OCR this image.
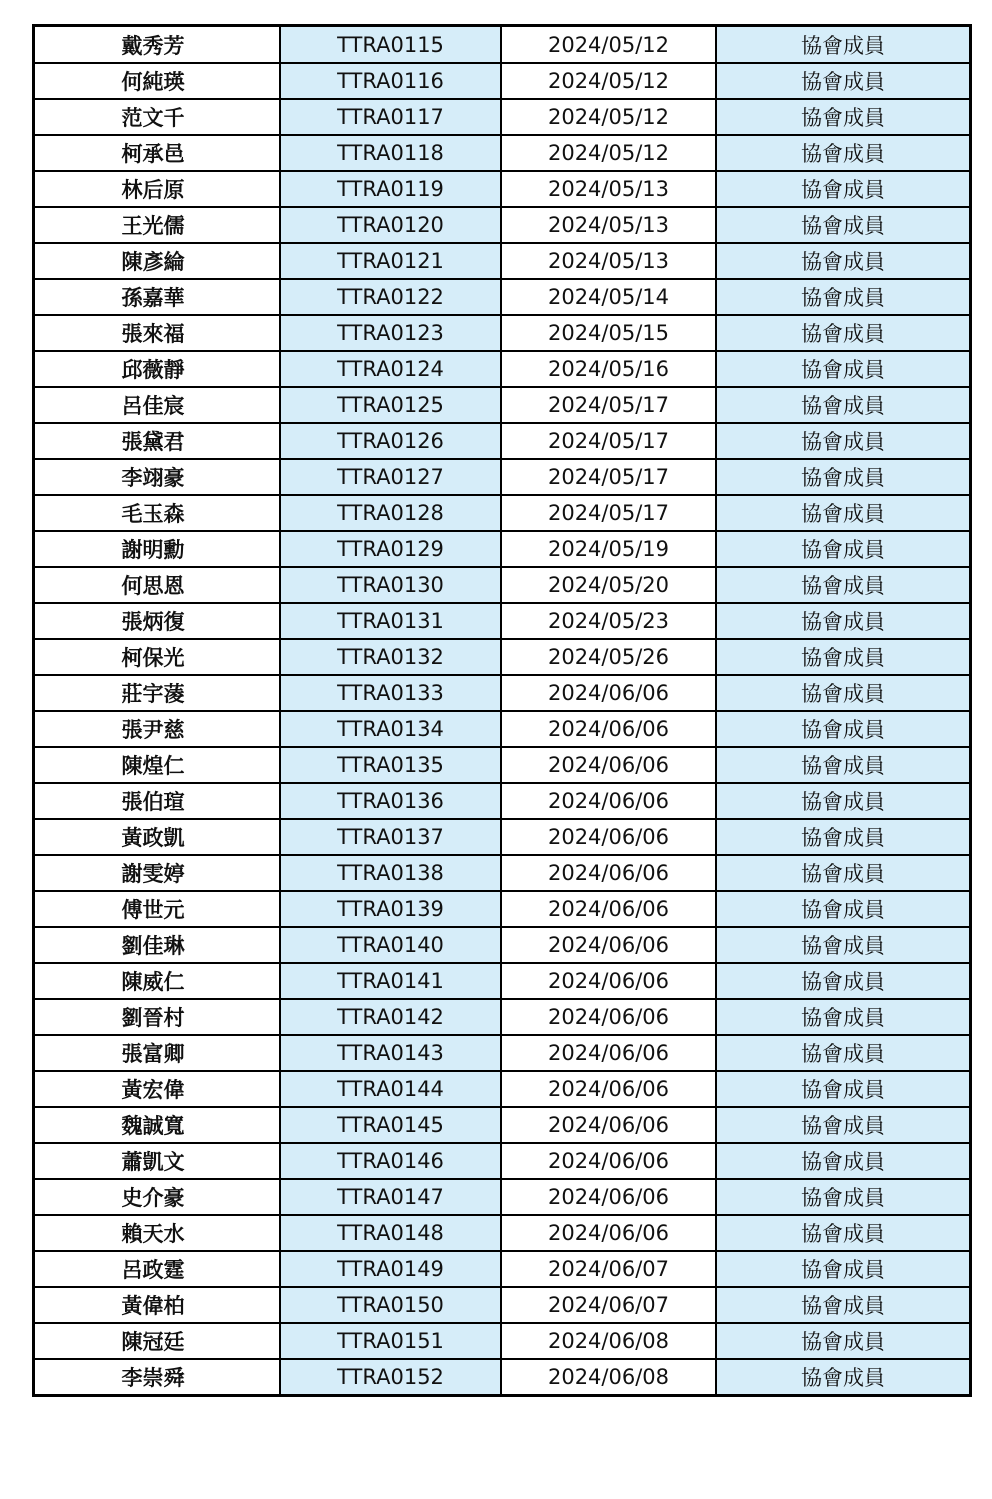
戴秀芳	TTRA0115	2024/05/12	協會成員
何純瑛	TTRA0116	2024/05/12	協會成員
范文千	TTRA0117	2024/05/12	協會成員
柯承邑	TTRA0118	2024/05/12	協會成員
林后原	TTRA0119	2024/05/13	協會成員
王光儒	TTRA0120	2024/05/13	協會成員
陳彥綸	TTRA0121	2024/05/13	協會成員
孫嘉華	TTRA0122	2024/05/14	協會成員
張來福	TTRA0123	2024/05/15	協會成員
邱薇靜	TTRA0124	2024/05/16	協會成員
呂佳宸	TTRA0125	2024/05/17	協會成員
張黛君	TTRA0126	2024/05/17	協會成員
李翊豪	TTRA0127	2024/05/17	協會成員
毛玉森	TTRA0128	2024/05/17	協會成員
謝明勳	TTRA0129	2024/05/19	協會成員
何思恩	TTRA0130	2024/05/20	協會成員
張炳復	TTRA0131	2024/05/23	協會成員
柯保光	TTRA0132	2024/05/26	協會成員
莊宇蓤	TTRA0133	2024/06/06	協會成員
張尹慈	TTRA0134	2024/06/06	協會成員
陳煌仁	TTRA0135	2024/06/06	協會成員
張伯瑄	TTRA0136	2024/06/06	協會成員
黃政凱	TTRA0137	2024/06/06	協會成員
謝雯婷	TTRA0138	2024/06/06	協會成員
傅世元	TTRA0139	2024/06/06	協會成員
劉佳琳	TTRA0140	2024/06/06	協會成員
陳威仁	TTRA0141	2024/06/06	協會成員
劉晉村	TTRA0142	2024/06/06	協會成員
張富卿	TTRA0143	2024/06/06	協會成員
黃宏偉	TTRA0144	2024/06/06	協會成員
魏誠寬	TTRA0145	2024/06/06	協會成員
蕭凱文	TTRA0146	2024/06/06	協會成員
史介豪	TTRA0147	2024/06/06	協會成員
賴天水	TTRA0148	2024/06/06	協會成員
呂政霆	TTRA0149	2024/06/07	協會成員
黃偉柏	TTRA0150	2024/06/07	協會成員
陳冠廷	TTRA0151	2024/06/08	協會成員
李崇舜	TTRA0152	2024/06/08	協會成員
